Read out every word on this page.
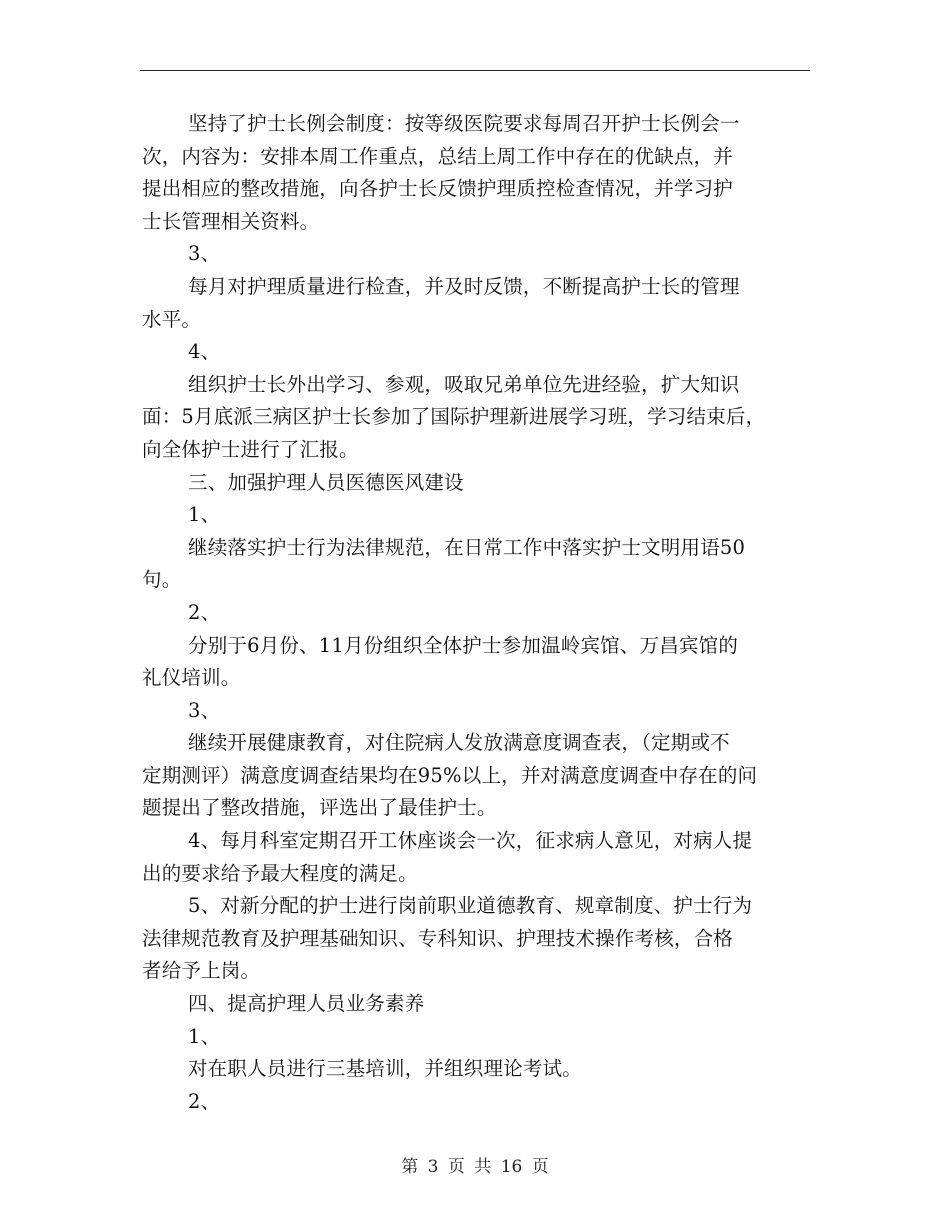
坚持了护士长例会制度：按等级医院要求每周召开护士长例会一
次，内容为：安排本周工作重点，总结上周工作中存在的优缺点，并
提出相应的整改措施，向各护士长反馈护理质控检查情况，并学习护
士长管理相关资料。

3、

每月对护理质量进行检查，并及时反馈，不断提高护士长的管理
水平。

4、

组织护士长外出学习、参观，吸取兄弟单位先进经验，扩大知识
面：5月底派三病区护士长参加了国际护理新进展学习班，学习结束后，
向全体护士进行了汇报。

三、加强护理人员医德医风建设

1、

继续落实护士行为法律规范，在日常工作中落实护士文明用语50
句。

2、

分别于6月份、11月份组织全体护士参加温岭宾馆、万昌宾馆的
礼仪培训。

3、

继续开展健康教育，对住院病人发放满意度调查表，（定期或不
定期测评）满意度调查结果均在95%以上，并对满意度调查中存在的问
题提出了整改措施，评选出了最佳护士。

4、每月科室定期召开工休座谈会一次，征求病人意见，对病人提
出的要求给予最大程度的满足。

5、对新分配的护士进行岗前职业道德教育、规章制度、护士行为
法律规范教育及护理基础知识、专科知识、护理技术操作考核，合格
者给予上岗。

四、提高护理人员业务素养

1、

对在职人员进行三基培训，并组织理论考试。

2、

第 3 页 共 16 页
